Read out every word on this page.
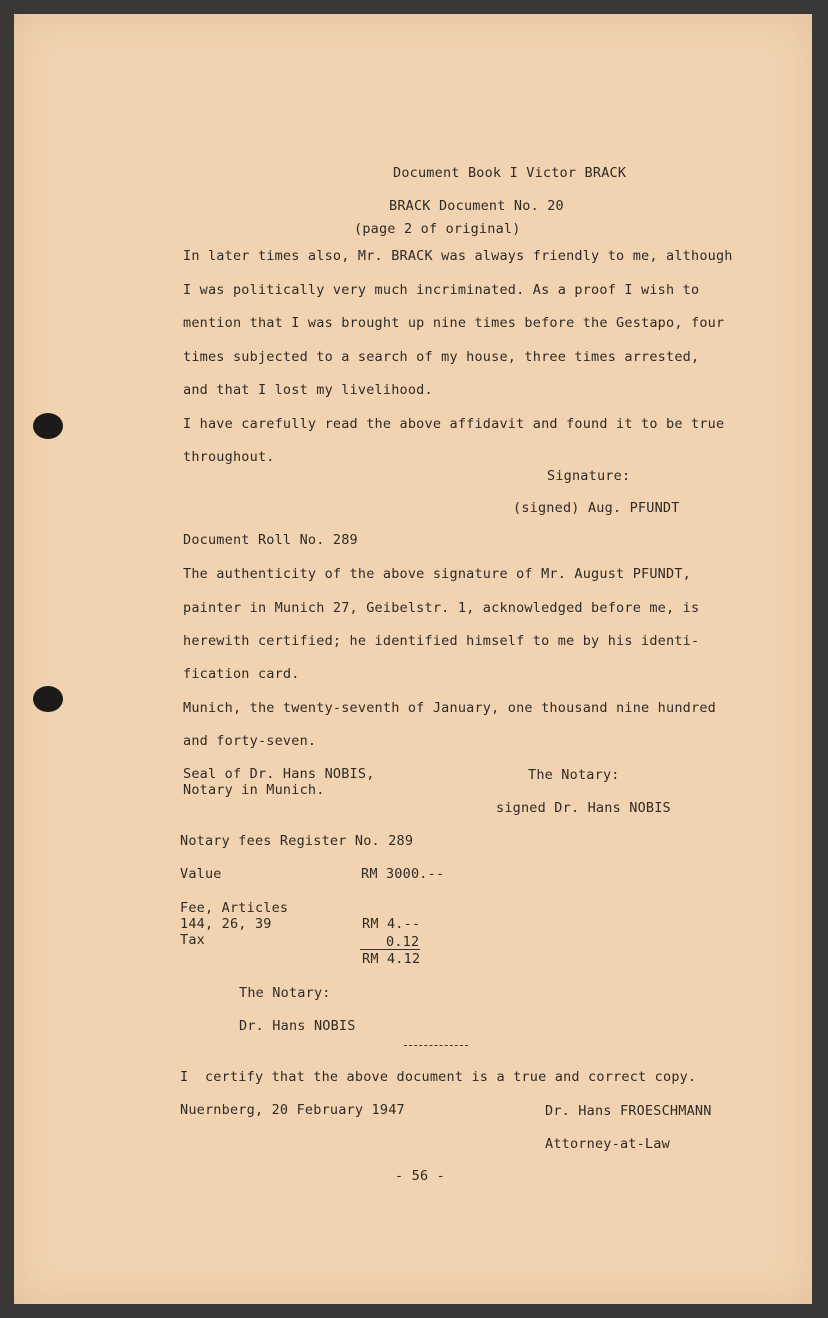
Document Book I Victor BRACK
BRACK Document No. 20
(page 2 of original)
In later times also, Mr. BRACK was always friendly to me, although
I was politically very much incriminated. As a proof I wish to
mention that I was brought up nine times before the Gestapo, four
times subjected to a search of my house, three times arrested,
and that I lost my livelihood.
I have carefully read the above affidavit and found it to be true
throughout.
Signature:
(signed) Aug. PFUNDT
Document Roll No. 289
The authenticity of the above signature of Mr. August PFUNDT,
painter in Munich 27, Geibelstr. 1, acknowledged before me, is
herewith certified; he identified himself to me by his identi-
fication card.
Munich, the twenty-seventh of January, one thousand nine hundred
and forty-seven.
Seal of Dr. Hans NOBIS,
Notary in Munich.
The Notary:
signed Dr. Hans NOBIS
Notary fees Register No. 289
Value	RM 3000.--
Fee, Articles
144, 26, 39
Tax
RM 4.--
0.12
RM 4.12
The Notary:
Dr. Hans NOBIS
I  certify that the above document is a true and correct copy.
Nuernberg, 20 February 1947	Dr. Hans FROESCHMANN
Attorney-at-Law
- 56 -
